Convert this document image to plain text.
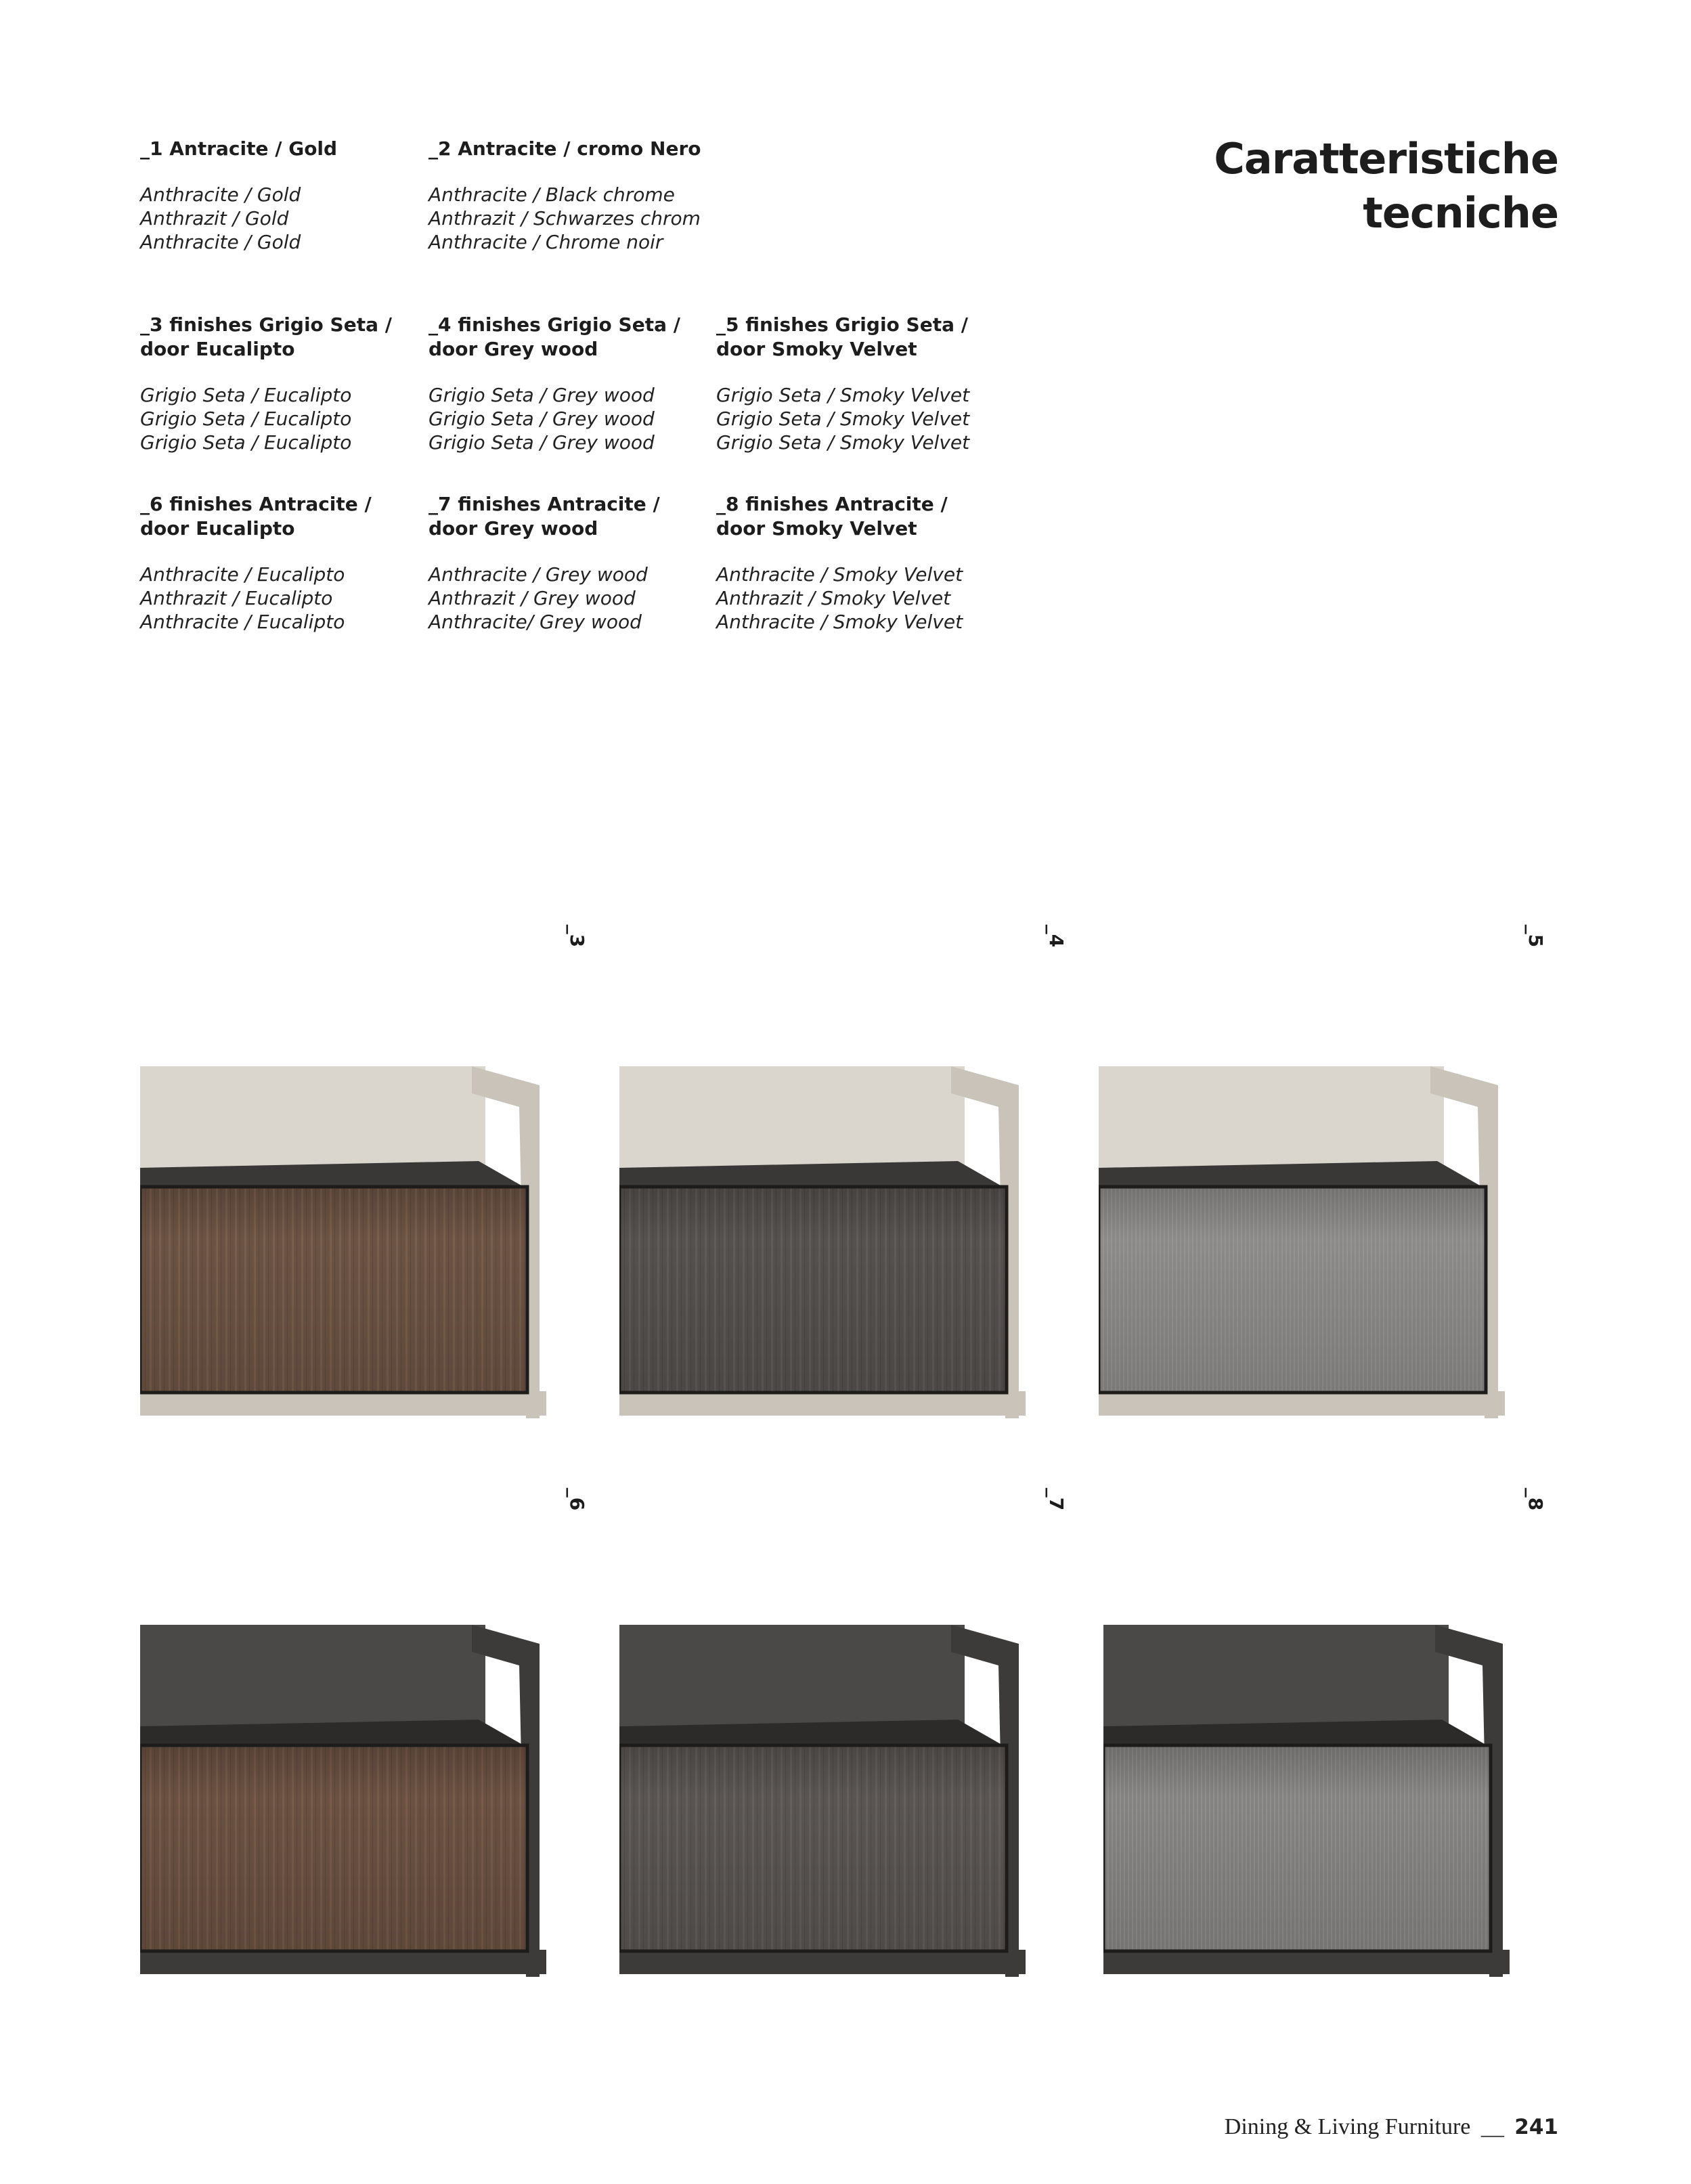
Caratteristiche
tecniche
_1 Antracite / Gold
Anthracite / Gold
Anthrazit / Gold
Anthracite / Gold
_2 Antracite / cromo Nero
Anthracite / Black chrome
Anthrazit / Schwarzes chrom
Anthracite / Chrome noir
_3 finishes Grigio Seta /
door Eucalipto
Grigio Seta / Eucalipto
Grigio Seta / Eucalipto
Grigio Seta / Eucalipto
_4 finishes Grigio Seta /
door Grey wood
Grigio Seta / Grey wood
Grigio Seta / Grey wood
Grigio Seta / Grey wood
_5 finishes Grigio Seta /
door Smoky Velvet
Grigio Seta / Smoky Velvet
Grigio Seta / Smoky Velvet
Grigio Seta / Smoky Velvet
_6 finishes Antracite /
door Eucalipto
Anthracite / Eucalipto
Anthrazit / Eucalipto
Anthracite / Eucalipto
_7 finishes Antracite /
door Grey wood
Anthracite / Grey wood
Anthrazit / Grey wood
Anthracite/ Grey wood
_8 finishes Antracite /
door Smoky Velvet
Anthracite / Smoky Velvet
Anthrazit / Smoky Velvet
Anthracite / Smoky Velvet
_3	_4	_5
_6	_7	_8
Dining & Living Furniture __ 241
